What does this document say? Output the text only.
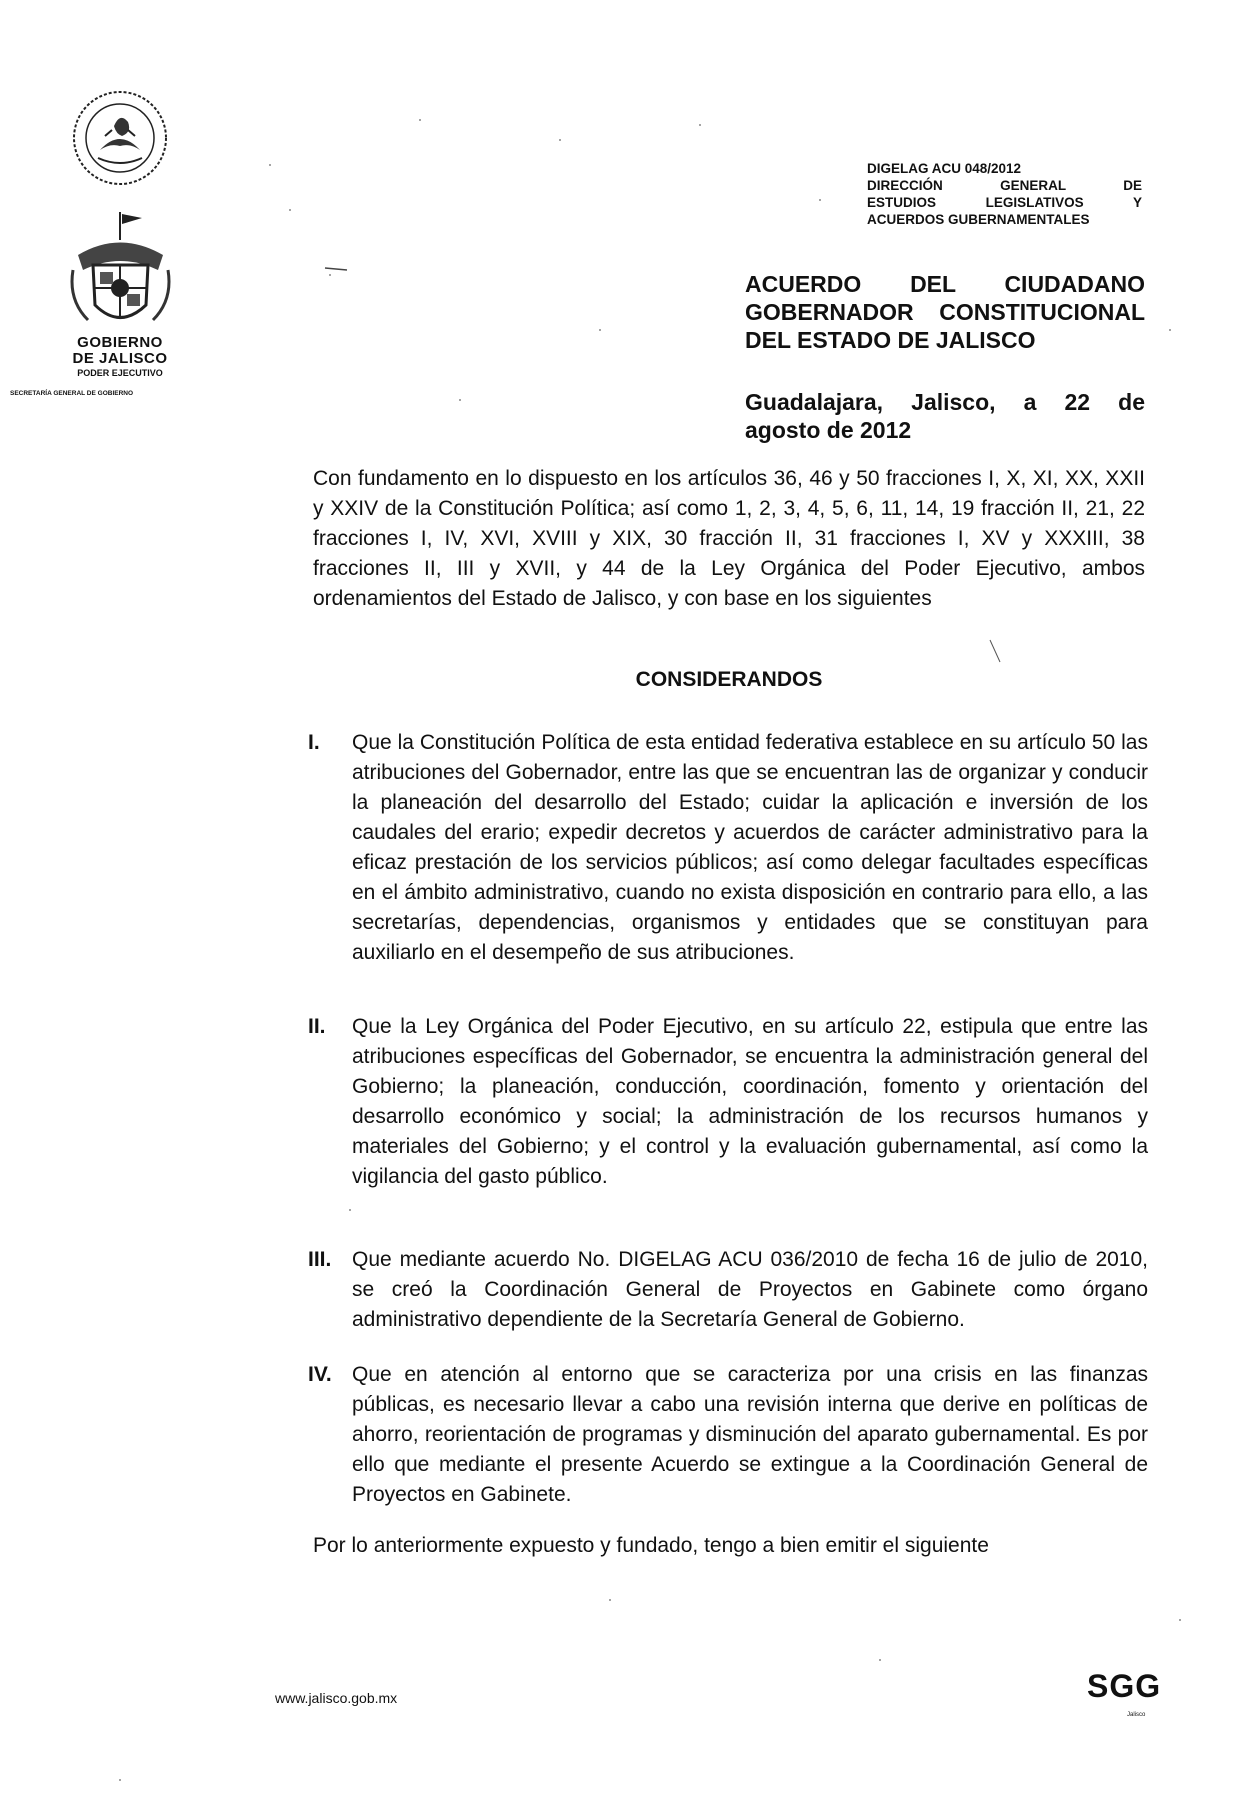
GOBIERNO
DE JALISCO
PODER EJECUTIVO
SECRETARÍA GENERAL DE GOBIERNO
DIGELAG ACU 048/2012
DIRECCIÓN GENERAL DE
ESTUDIOS LEGISLATIVOS Y
ACUERDOS GUBERNAMENTALES
ACUERDO DEL CIUDADANO
GOBERNADOR CONSTITUCIONAL
DEL ESTADO DE JALISCO
Guadalajara, Jalisco, a 22 de
agosto de 2012
Con fundamento en lo dispuesto en los artículos 36, 46 y 50 fracciones I, X, XI, XX, XXII y XXIV de la Constitución Política; así como 1, 2, 3, 4, 5, 6, 11, 14, 19 fracción II, 21, 22 fracciones I, IV, XVI, XVIII y XIX, 30 fracción II, 31 fracciones I, XV y XXXIII, 38 fracciones II, III y XVII, y 44 de la Ley Orgánica del Poder Ejecutivo, ambos ordenamientos del Estado de Jalisco, y con base en los siguientes
CONSIDERANDOS
I.	Que la Constitución Política de esta entidad federativa establece en su artículo 50 las atribuciones del Gobernador, entre las que se encuentran las de organizar y conducir la planeación del desarrollo del Estado; cuidar la aplicación e inversión de los caudales del erario; expedir decretos y acuerdos de carácter administrativo para la eficaz prestación de los servicios públicos; así como delegar facultades específicas en el ámbito administrativo, cuando no exista disposición en contrario para ello, a las secretarías, dependencias, organismos y entidades que se constituyan para auxiliarlo en el desempeño de sus atribuciones.
II.	Que la Ley Orgánica del Poder Ejecutivo, en su artículo 22, estipula que entre las atribuciones específicas del Gobernador, se encuentra la administración general del Gobierno; la planeación, conducción, coordinación, fomento y orientación del desarrollo económico y social; la administración de los recursos humanos y materiales del Gobierno; y el control y la evaluación gubernamental, así como la vigilancia del gasto público.
III. Que mediante acuerdo No. DIGELAG ACU 036/2010 de fecha 16 de julio de 2010, se creó la Coordinación General de Proyectos en Gabinete como órgano administrativo dependiente de la Secretaría General de Gobierno.
IV. Que en atención al entorno que se caracteriza por una crisis en las finanzas públicas, es necesario llevar a cabo una revisión interna que derive en políticas de ahorro, reorientación de programas y disminución del aparato gubernamental. Es por ello que mediante el presente Acuerdo se extingue a la Coordinación General de Proyectos en Gabinete.
Por lo anteriormente expuesto y fundado, tengo a bien emitir el siguiente
www.jalisco.gob.mx	SGG
Jalisco
